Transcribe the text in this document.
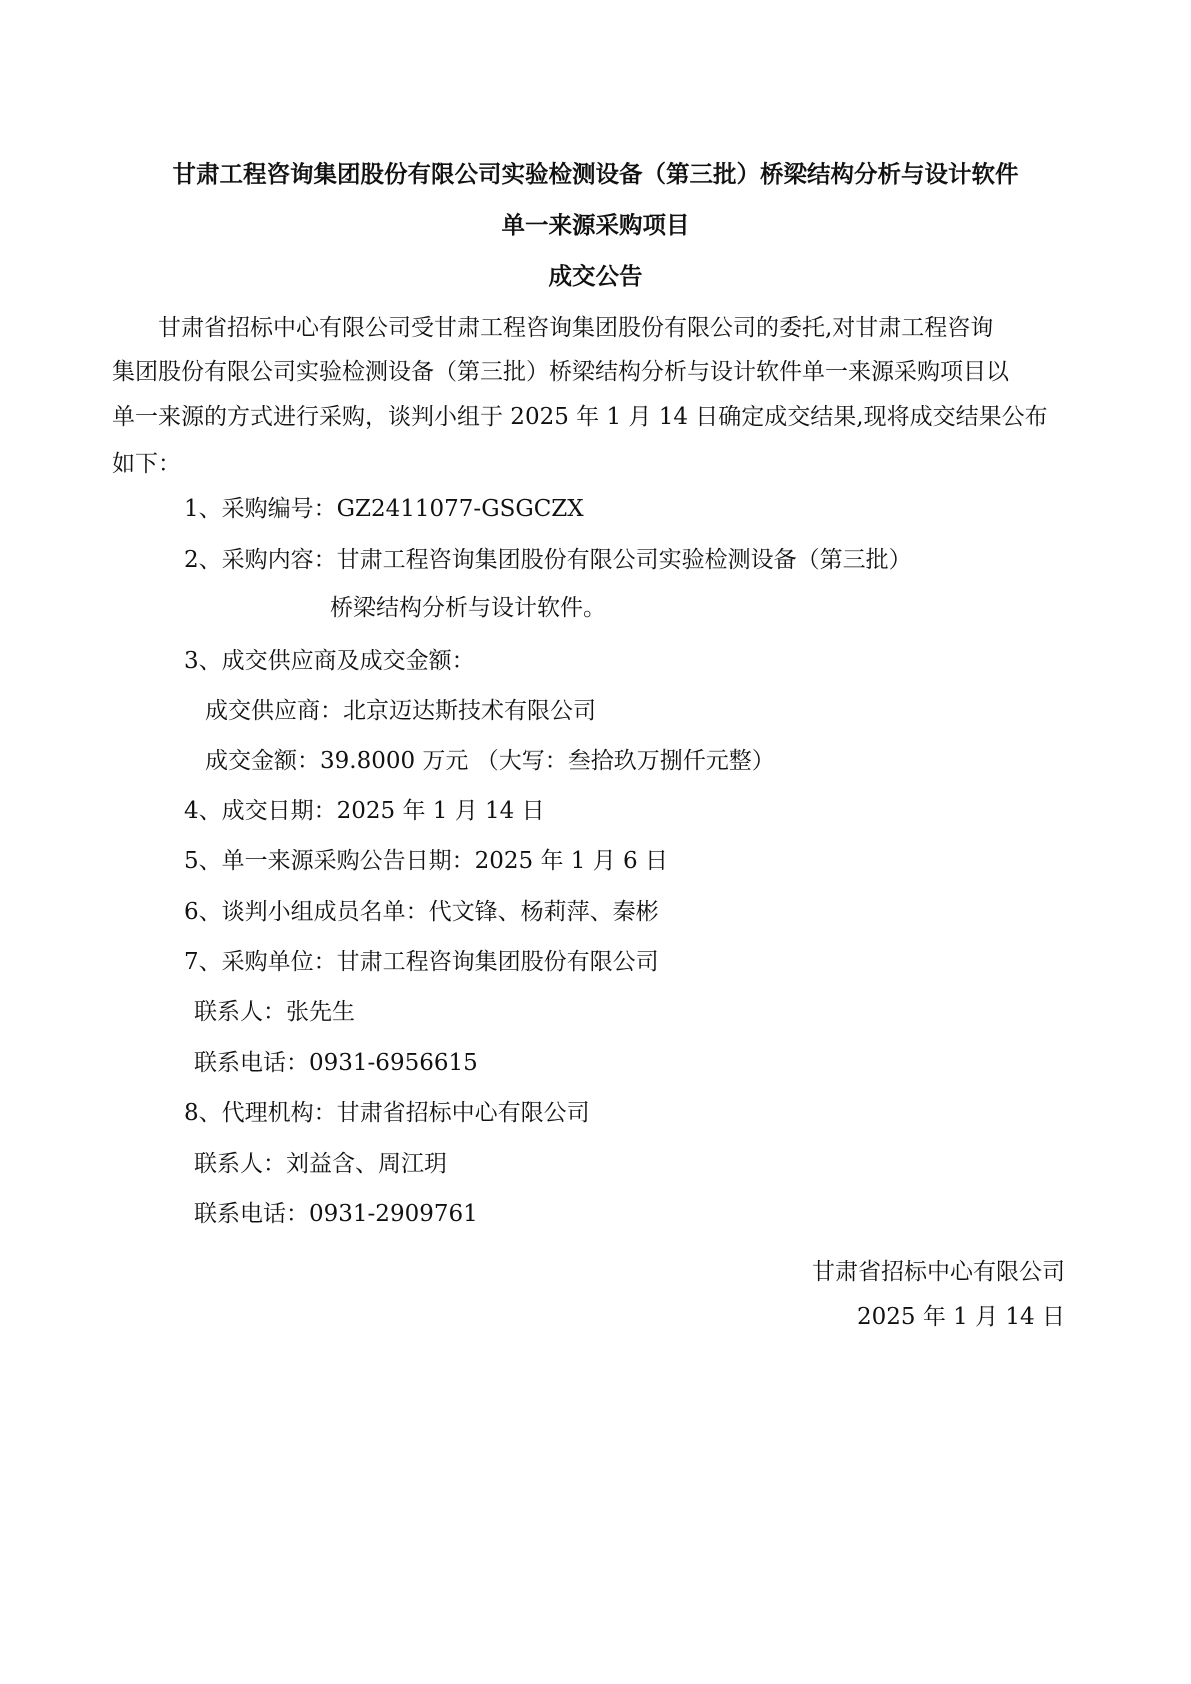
甘肃工程咨询集团股份有限公司实验检测设备（第三批）桥梁结构分析与设计软件
单一来源采购项目
成交公告
甘肃省招标中心有限公司受甘肃工程咨询集团股份有限公司的委托,对甘肃工程咨询
集团股份有限公司实验检测设备（第三批）桥梁结构分析与设计软件单一来源采购项目以
单一来源的方式进行采购，谈判小组于 2025 年 1 月 14 日确定成交结果,现将成交结果公布
如下：
1、采购编号：GZ2411077-GSGCZX
2、采购内容：甘肃工程咨询集团股份有限公司实验检测设备（第三批）
桥梁结构分析与设计软件。
3、成交供应商及成交金额：
成交供应商：北京迈达斯技术有限公司
成交金额：39.8000 万元 （大写：叁拾玖万捌仟元整）
4、成交日期：2025 年 1 月 14 日
5、单一来源采购公告日期：2025 年 1 月 6 日
6、谈判小组成员名单：代文锋、杨莉萍、秦彬
7、采购单位：甘肃工程咨询集团股份有限公司
联系人：张先生
联系电话：0931-6956615
8、代理机构：甘肃省招标中心有限公司
联系人：刘益含、周江玥
联系电话：0931-2909761
甘肃省招标中心有限公司
2025 年 1 月 14 日
